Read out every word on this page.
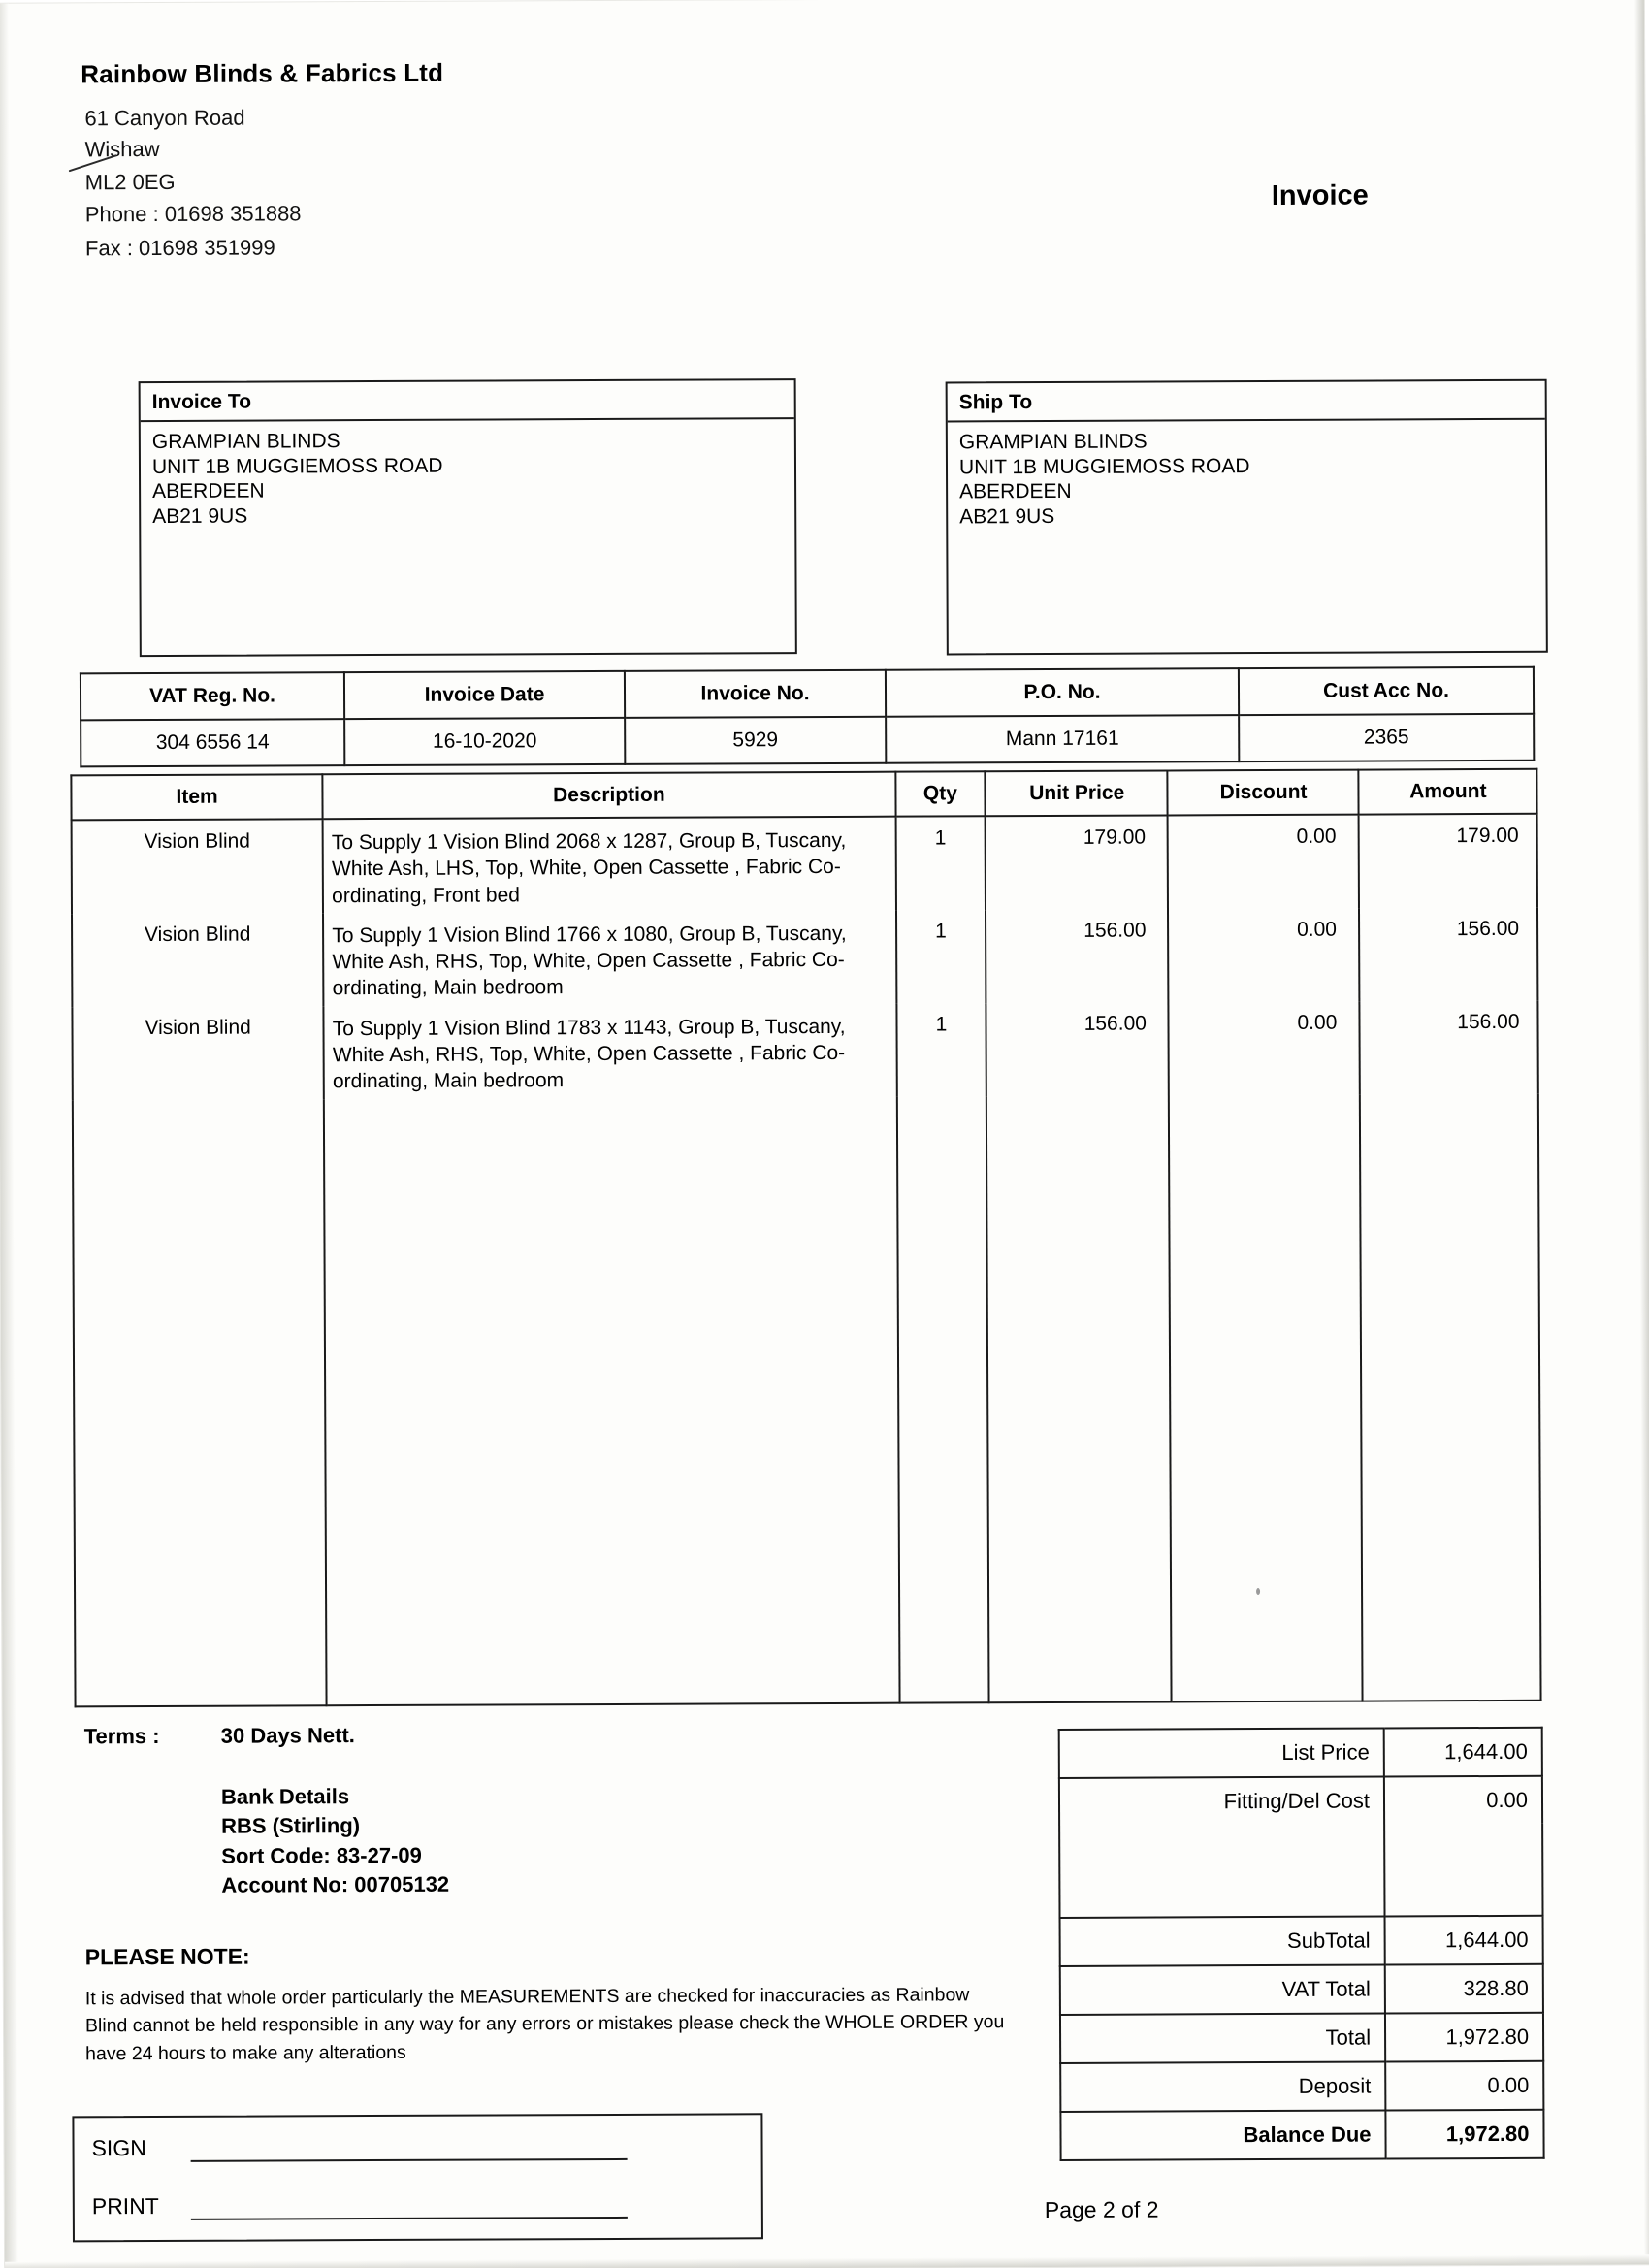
Rainbow Blinds & Fabrics Ltd
61 Canyon Road
Wishaw
ML2 0EG
Phone : 01698 351888
Fax : 01698 351999
Invoice
Invoice To
GRAMPIAN BLINDS
UNIT 1B MUGGIEMOSS ROAD
ABERDEEN
AB21 9US
Ship To
GRAMPIAN BLINDS
UNIT 1B MUGGIEMOSS ROAD
ABERDEEN
AB21 9US
VAT Reg. No.	Invoice Date	Invoice No.	P.O. No.	Cust Acc No.
304 6556 14	16-10-2020	5929	Mann 17161	2365
Item	Description	Qty	Unit Price	Discount	Amount
Vision Blind	To Supply 1 Vision Blind 2068 x 1287, Group B, Tuscany, White Ash, LHS, Top, White, Open Cassette , Fabric Co-ordinating, Front bed	1	179.00	0.00	179.00
Vision Blind	To Supply 1 Vision Blind 1766 x 1080, Group B, Tuscany, White Ash, RHS, Top, White, Open Cassette , Fabric Co-ordinating, Main bedroom	1	156.00	0.00	156.00
Vision Blind	To Supply 1 Vision Blind 1783 x 1143, Group B, Tuscany, White Ash, RHS, Top, White, Open Cassette , Fabric Co-ordinating, Main bedroom	1	156.00	0.00	156.00

Terms :	30 Days Nett.
Bank Details
RBS (Stirling)
Sort Code: 83-27-09
Account No: 00705132
PLEASE NOTE:
It is advised that whole order particularly the MEASUREMENTS are checked for inaccuracies as Rainbow Blind cannot be held responsible in any way for any errors or mistakes please check the WHOLE ORDER you have 24 hours to make any alterations
SIGN
PRINT
List Price	1,644.00
Fitting/Del Cost	0.00

SubTotal	1,644.00
VAT Total	328.80
Total	1,972.80
Deposit	0.00
Balance Due	1,972.80
Page 2 of 2
